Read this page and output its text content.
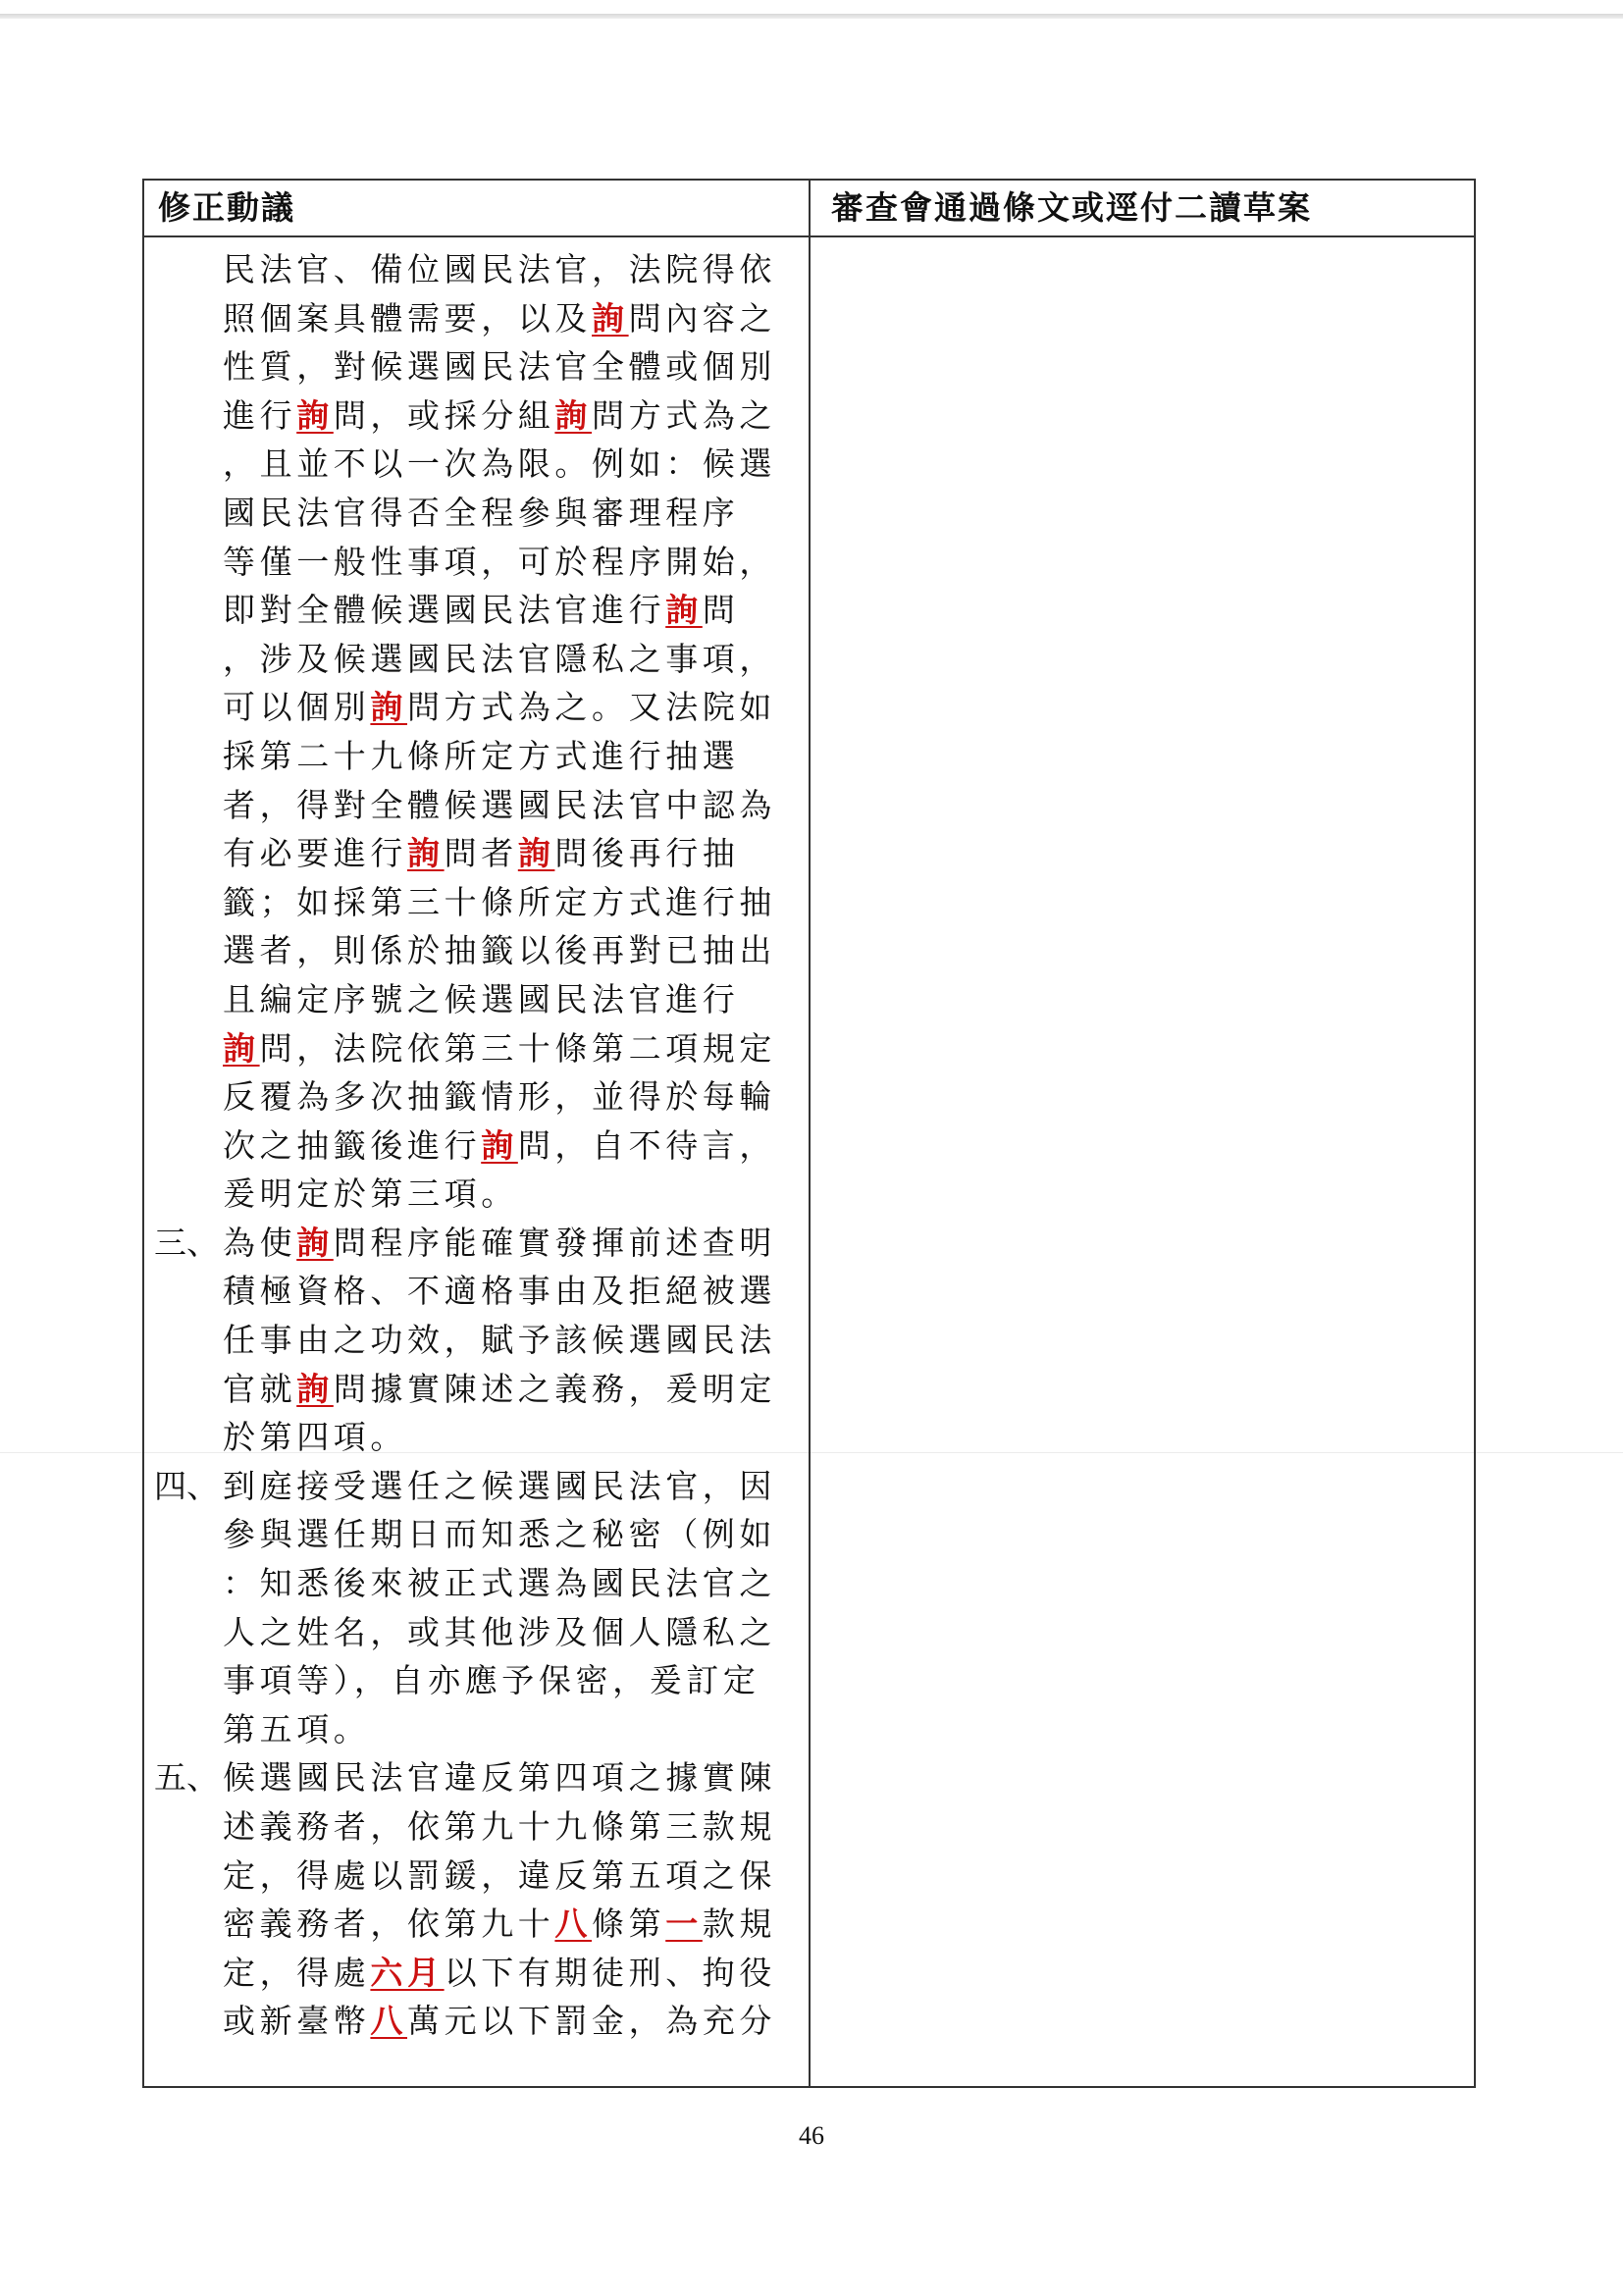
修正動議	審查會通過條文或逕付二讀草案
民法官、備位國民法官，法院得依
照個案具體需要，以及詢問內容之
性質，對候選國民法官全體或個別
進行詢問，或採分組詢問方式為之
，且並不以一次為限。例如：候選
國民法官得否全程參與審理程序
等僅一般性事項，可於程序開始，
即對全體候選國民法官進行詢問
，涉及候選國民法官隱私之事項，
可以個別詢問方式為之。又法院如
採第二十九條所定方式進行抽選
者，得對全體候選國民法官中認為
有必要進行詢問者詢問後再行抽
籤；如採第三十條所定方式進行抽
選者，則係於抽籤以後再對已抽出
且編定序號之候選國民法官進行
詢問，法院依第三十條第二項規定
反覆為多次抽籤情形，並得於每輪
次之抽籤後進行詢問，自不待言，
爰明定於第三項。
三、 為使詢問程序能確實發揮前述查明
積極資格、不適格事由及拒絕被選
任事由之功效，賦予該候選國民法
官就詢問據實陳述之義務，爰明定
於第四項。
四、 到庭接受選任之候選國民法官，因
參與選任期日而知悉之秘密（例如
：知悉後來被正式選為國民法官之
人之姓名，或其他涉及個人隱私之
事項等），自亦應予保密，爰訂定
第五項。
五、 候選國民法官違反第四項之據實陳
述義務者，依第九十九條第三款規
定，得處以罰鍰，違反第五項之保
密義務者，依第九十八條第一款規
定，得處六月以下有期徒刑、拘役
或新臺幣八萬元以下罰金，為充分
46
